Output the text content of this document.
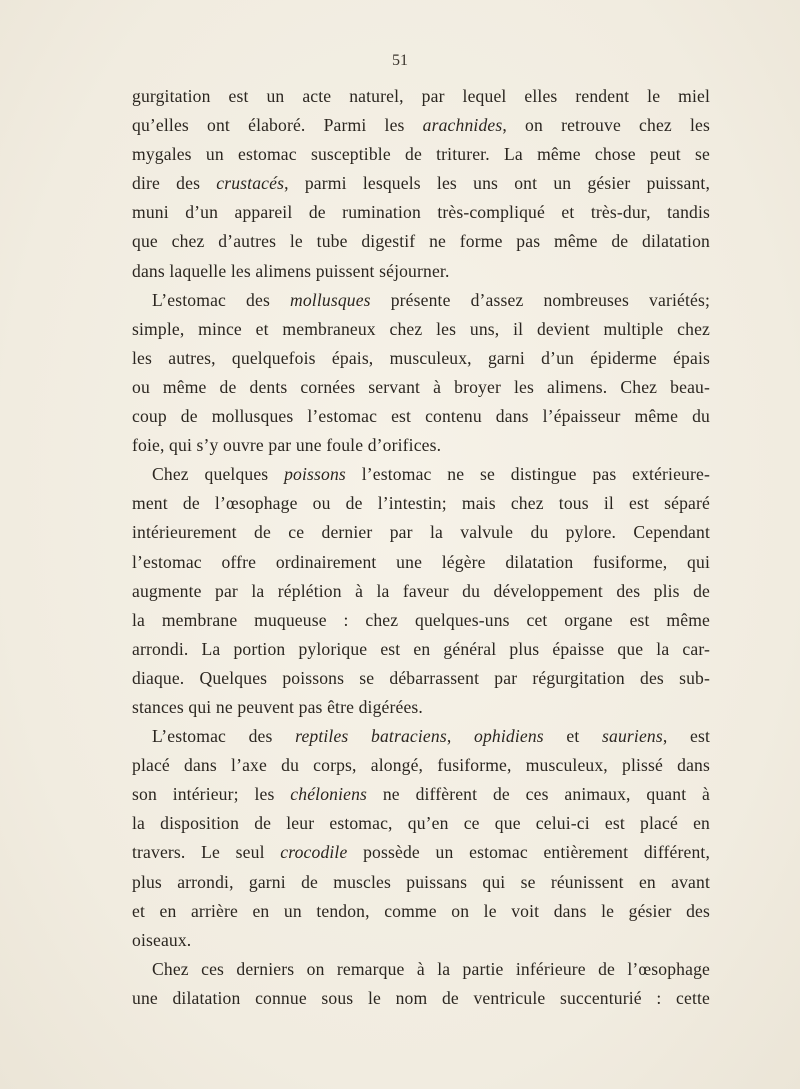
51

gurgitation est un acte naturel, par lequel elles rendent le miel
qu’elles ont élaboré. Parmi les arachnides, on retrouve chez les
mygales un estomac susceptible de triturer. La même chose peut se
dire des crustacés, parmi lesquels les uns ont un gésier puissant,
muni d’un appareil de rumination très-compliqué et très-dur, tandis
que chez d’autres le tube digestif ne forme pas même de dilatation
dans laquelle les alimens puissent séjourner.

L’estomac des mollusques présente d’assez nombreuses variétés;
simple, mince et membraneux chez les uns, il devient multiple chez
les autres, quelquefois épais, musculeux, garni d’un épiderme épais
ou même de dents cornées servant à broyer les alimens. Chez beau-
coup de mollusques l’estomac est contenu dans l’épaisseur même du
foie, qui s’y ouvre par une foule d’orifices.

Chez quelques poissons l’estomac ne se distingue pas extérieure-
ment de l’œsophage ou de l’intestin; mais chez tous il est séparé
intérieurement de ce dernier par la valvule du pylore. Cependant
l’estomac offre ordinairement une légère dilatation fusiforme, qui
augmente par la réplétion à la faveur du développement des plis de
la membrane muqueuse : chez quelques-uns cet organe est même
arrondi. La portion pylorique est en général plus épaisse que la car-
diaque. Quelques poissons se débarrassent par régurgitation des sub-
stances qui ne peuvent pas être digérées.

L’estomac des reptiles batraciens, ophidiens et sauriens, est
placé dans l’axe du corps, alongé, fusiforme, musculeux, plissé dans
son intérieur; les chéloniens ne diffèrent de ces animaux, quant à
la disposition de leur estomac, qu’en ce que celui-ci est placé en
travers. Le seul crocodile possède un estomac entièrement différent,
plus arrondi, garni de muscles puissans qui se réunissent en avant
et en arrière en un tendon, comme on le voit dans le gésier des
oiseaux.

Chez ces derniers on remarque à la partie inférieure de l’œsophage
une dilatation connue sous le nom de ventricule succenturié : cette
